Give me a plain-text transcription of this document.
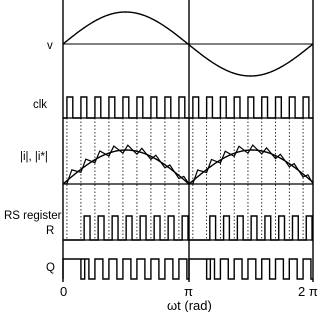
v
clk
|i|, |i*|
RS register
R
Q
0	π	2 π
ωt (rad)
